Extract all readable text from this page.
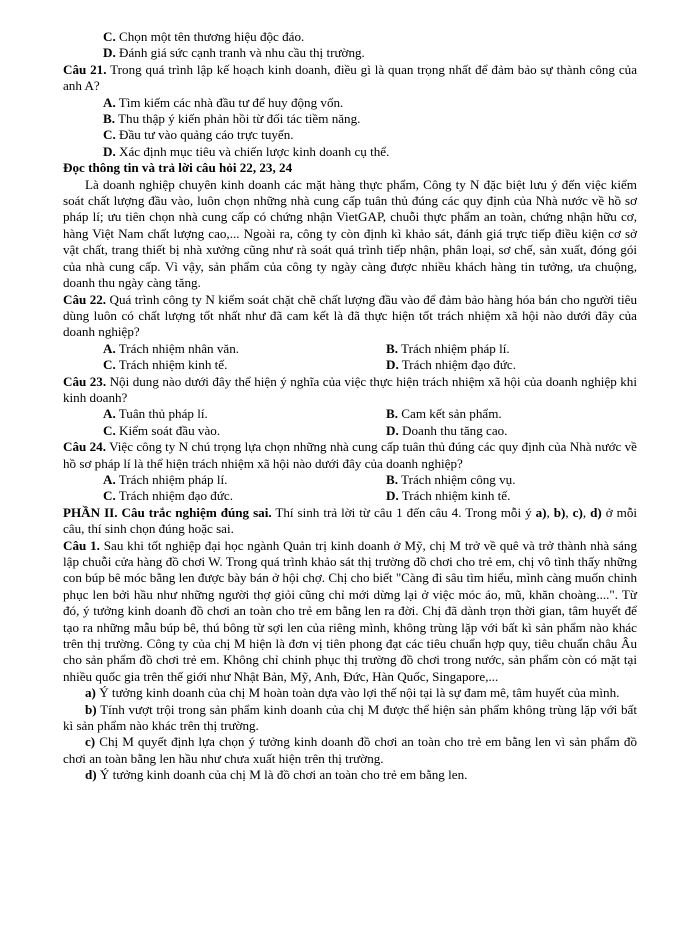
C. Chọn một tên thương hiệu độc đáo.

D. Đánh giá sức cạnh tranh và nhu cầu thị trường.

Câu 21. Trong quá trình lập kế hoạch kinh doanh, điều gì là quan trọng nhất để đảm bảo sự thành công của anh A?

A. Tìm kiếm các nhà đầu tư để huy động vốn.

B. Thu thập ý kiến phản hồi từ đối tác tiềm năng.

C. Đầu tư vào quảng cáo trực tuyến.

D. Xác định mục tiêu và chiến lược kinh doanh cụ thể.

Đọc thông tin và trả lời câu hỏi 22, 23, 24

Là doanh nghiệp chuyên kinh doanh các mặt hàng thực phẩm, Công ty N đặc biệt lưu ý đến việc kiểm soát chất lượng đầu vào, luôn chọn những nhà cung cấp tuân thủ đúng các quy định của Nhà nước về hồ sơ pháp lí; ưu tiên chọn nhà cung cấp có chứng nhận VietGAP, chuỗi thực phẩm an toàn, chứng nhận hữu cơ, hàng Việt Nam chất lượng cao,... Ngoài ra, công ty còn định kì khảo sát, đánh giá trực tiếp điều kiện cơ sở vật chất, trang thiết bị nhà xưởng cũng như rà soát quá trình tiếp nhận, phân loại, sơ chế, sản xuất, đóng gói của nhà cung cấp. Vì vậy, sản phẩm của công ty ngày càng được nhiều khách hàng tin tưởng, ưa chuộng, doanh thu ngày càng tăng.

Câu 22. Quá trình công ty N kiểm soát chặt chẽ chất lượng đầu vào để đảm bảo hàng hóa bán cho người tiêu dùng luôn có chất lượng tốt nhất như đã cam kết là đã thực hiện tốt trách nhiệm xã hội nào dưới đây của doanh nghiệp?

A. Trách nhiệm nhân văn.	B. Trách nhiệm pháp lí.
C. Trách nhiệm kinh tế.	D. Trách nhiệm đạo đức.

Câu 23. Nội dung nào dưới đây thể hiện ý nghĩa của việc thực hiện trách nhiệm xã hội của doanh nghiệp khi kinh doanh?

A. Tuân thủ pháp lí.	B. Cam kết sản phẩm.
C. Kiểm soát đầu vào.	D. Doanh thu tăng cao.

Câu 24. Việc công ty N chú trọng lựa chọn những nhà cung cấp tuân thủ đúng các quy định của Nhà nước về hồ sơ pháp lí là thể hiện trách nhiệm xã hội nào dưới đây của doanh nghiệp?

A. Trách nhiệm pháp lí.	B. Trách nhiệm công vụ.
C. Trách nhiệm đạo đức.	D. Trách nhiệm kinh tế.

PHẦN II. Câu trắc nghiệm đúng sai. Thí sinh trả lời từ câu 1 đến câu 4. Trong mỗi ý a), b), c), d) ở mỗi câu, thí sinh chọn đúng hoặc sai.

Câu 1. Sau khi tốt nghiệp đại học ngành Quản trị kinh doanh ở Mỹ, chị M trở về quê và trở thành nhà sáng lập chuỗi cửa hàng đồ chơi W. Trong quá trình khảo sát thị trường đồ chơi cho trẻ em, chị vô tình thấy những con búp bê móc bằng len được bày bán ở hội chợ. Chị cho biết "Càng đi sâu tìm hiểu, mình càng muốn chinh phục len bởi hầu như những người thợ giỏi cũng chỉ mới dừng lại ở việc móc áo, mũ, khăn choàng....". Từ đó, ý tưởng kinh doanh đồ chơi an toàn cho trẻ em bằng len ra đời. Chị đã dành trọn thời gian, tâm huyết để tạo ra những mẫu búp bê, thú bông từ sợi len của riêng mình, không trùng lặp với bất kì sản phẩm nào khác trên thị trường. Công ty của chị M hiện là đơn vị tiên phong đạt các tiêu chuẩn hợp quy, tiêu chuẩn châu Âu cho sản phẩm đồ chơi trẻ em. Không chỉ chinh phục thị trường đồ chơi trong nước, sản phẩm còn có mặt tại nhiều quốc gia trên thế giới như Nhật Bản, Mỹ, Anh, Đức, Hàn Quốc, Singapore,...

a) Ý tưởng kinh doanh của chị M hoàn toàn dựa vào lợi thế nội tại là sự đam mê, tâm huyết của mình.

b) Tính vượt trội trong sản phẩm kinh doanh của chị M được thể hiện sản phẩm không trùng lặp với bất kì sản phẩm nào khác trên thị trường.

c) Chị M quyết định lựa chọn ý tưởng kinh doanh đồ chơi an toàn cho trẻ em bằng len vì sản phẩm đồ chơi an toàn bằng len hầu như chưa xuất hiện trên thị trường.

d) Ý tưởng kinh doanh của chị M là đồ chơi an toàn cho trẻ em bằng len.
